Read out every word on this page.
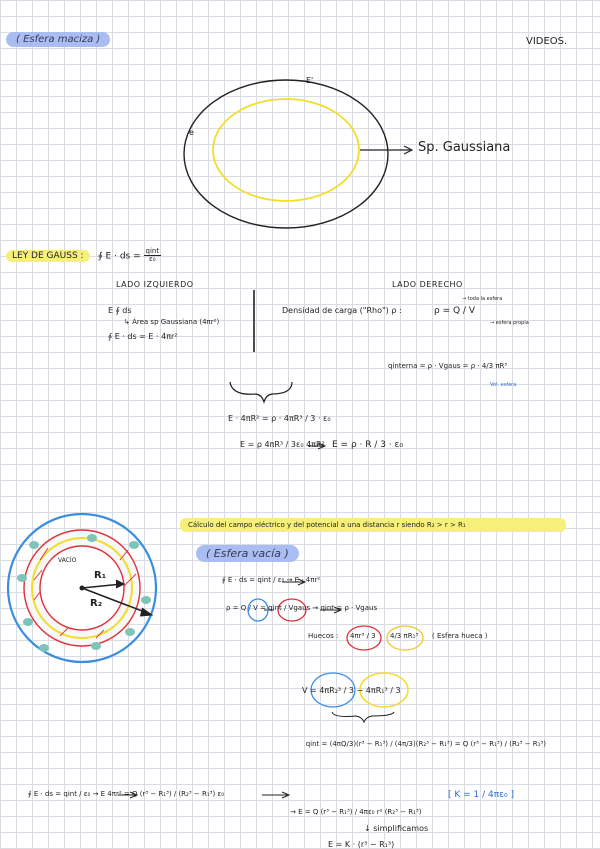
( Esfera maciza )	VIDEOS.
E'
e
Sp. Gaussiana
LEY DE GAUSS :	∮ E · ds = $\frac{\text{qint}}{\text{ε₀}}$
LADO IZQUIERDO	LADO DERECHO
E ∮ ds
↳ Área sp Gaussiana (4πr²)
∮ E · ds = E · 4πr²
Densidad de carga ("Rho") ρ :	ρ = Q / V
→ toda la esfera
→ esfera propia
qinterna = ρ · Vgaus = ρ · 4/3 πR³
Vol. esfera
E · 4πR² = ρ · 4πR³ / 3 · ε₀
E = ρ 4πR³ / 3ε₀ 4πR² E = ρ · R / 3 · ε₀
VACÍO
R₁
R₂
Cálculo del campo eléctrico y del potencial a una distancia r siendo R₂ > r > R₁
( Esfera vacía )
∮ E · ds = qint / ε₀ → E · 4πr²
ρ = Q / V = qint / Vgaus → qint = ρ · Vgaus
Huecos : 4πr³ / 3 4/3 πR₁³ ( Esfera hueca )
V = 4πR₂³ / 3 − 4πR₁³ / 3
qint = (4πQ/3)(r³ − R₁³) / (4π/3)(R₂³ − R₁³) = Q (r³ − R₁³) / (R₂³ − R₁³)
∮ E · ds = qint / ε₀ → E 4πr² = Q (r³ − R₁³) / (R₂³ − R₁³) ε₀
→ E = Q (r³ − R₁³) / 4πε₀ r² (R₂³ − R₁³)
[ K = 1 / 4πε₀ ]
↓ simplificamos
E = K · (r³ − R₁³)
